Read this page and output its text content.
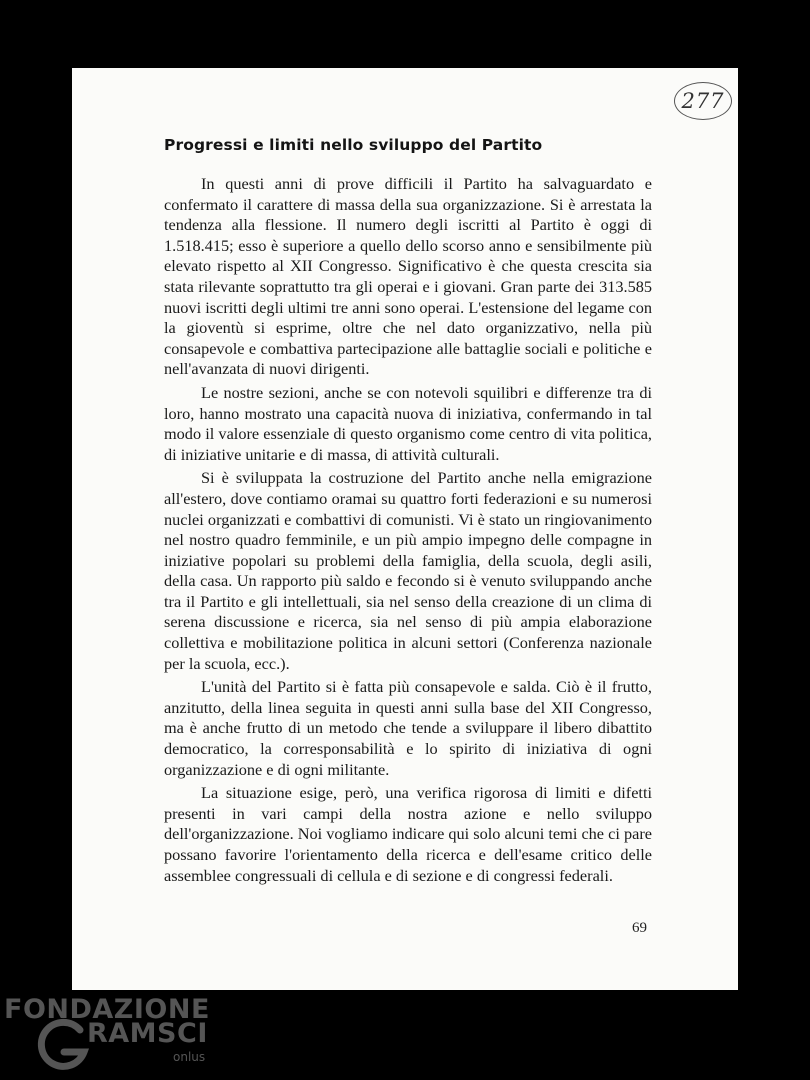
277
Progressi e limiti nello sviluppo del Partito

In questi anni di prove difficili il Partito ha salvaguardato e confermato il carattere di massa della sua organizzazione. Si è arrestata la tendenza alla flessione. Il numero degli iscritti al Partito è oggi di 1.518.415; esso è superiore a quello dello scorso anno e sensibilmente più elevato rispetto al XII Congresso. Significativo è che questa crescita sia stata rilevante soprattutto tra gli operai e i giovani. Gran parte dei 313.585 nuovi iscritti degli ultimi tre anni sono operai. L'estensione del legame con la gioventù si esprime, oltre che nel dato organizzativo, nella più consapevole e combattiva partecipazione alle battaglie sociali e politiche e nell'avanzata di nuovi dirigenti.

Le nostre sezioni, anche se con notevoli squilibri e differenze tra di loro, hanno mostrato una capacità nuova di iniziativa, confermando in tal modo il valore essenziale di questo organismo come centro di vita politica, di iniziative unitarie e di massa, di attività culturali.

Si è sviluppata la costruzione del Partito anche nella emigrazione all'estero, dove contiamo oramai su quattro forti federazioni e su numerosi nuclei organizzati e combattivi di comunisti. Vi è stato un ringiovanimento nel nostro quadro femminile, e un più ampio impegno delle compagne in iniziative popolari su problemi della famiglia, della scuola, degli asili, della casa. Un rapporto più saldo e fecondo si è venuto sviluppando anche tra il Partito e gli intellettuali, sia nel senso della creazione di un clima di serena discussione e ricerca, sia nel senso di più ampia elaborazione collettiva e mobilitazione politica in alcuni settori (Conferenza nazionale per la scuola, ecc.).

L'unità del Partito si è fatta più consapevole e salda. Ciò è il frutto, anzitutto, della linea seguita in questi anni sulla base del XII Congresso, ma è anche frutto di un metodo che tende a sviluppare il libero dibattito democratico, la corresponsabilità e lo spirito di iniziativa di ogni organizzazione e di ogni militante.

La situazione esige, però, una verifica rigorosa di limiti e difetti presenti in vari campi della nostra azione e nello sviluppo dell'organizzazione. Noi vogliamo indicare qui solo alcuni temi che ci pare possano favorire l'orientamento della ricerca e dell'esame critico delle assemblee congressuali di cellula e di sezione e di congressi federali.

69
FONDAZIONE
RAMSCI
onlus
